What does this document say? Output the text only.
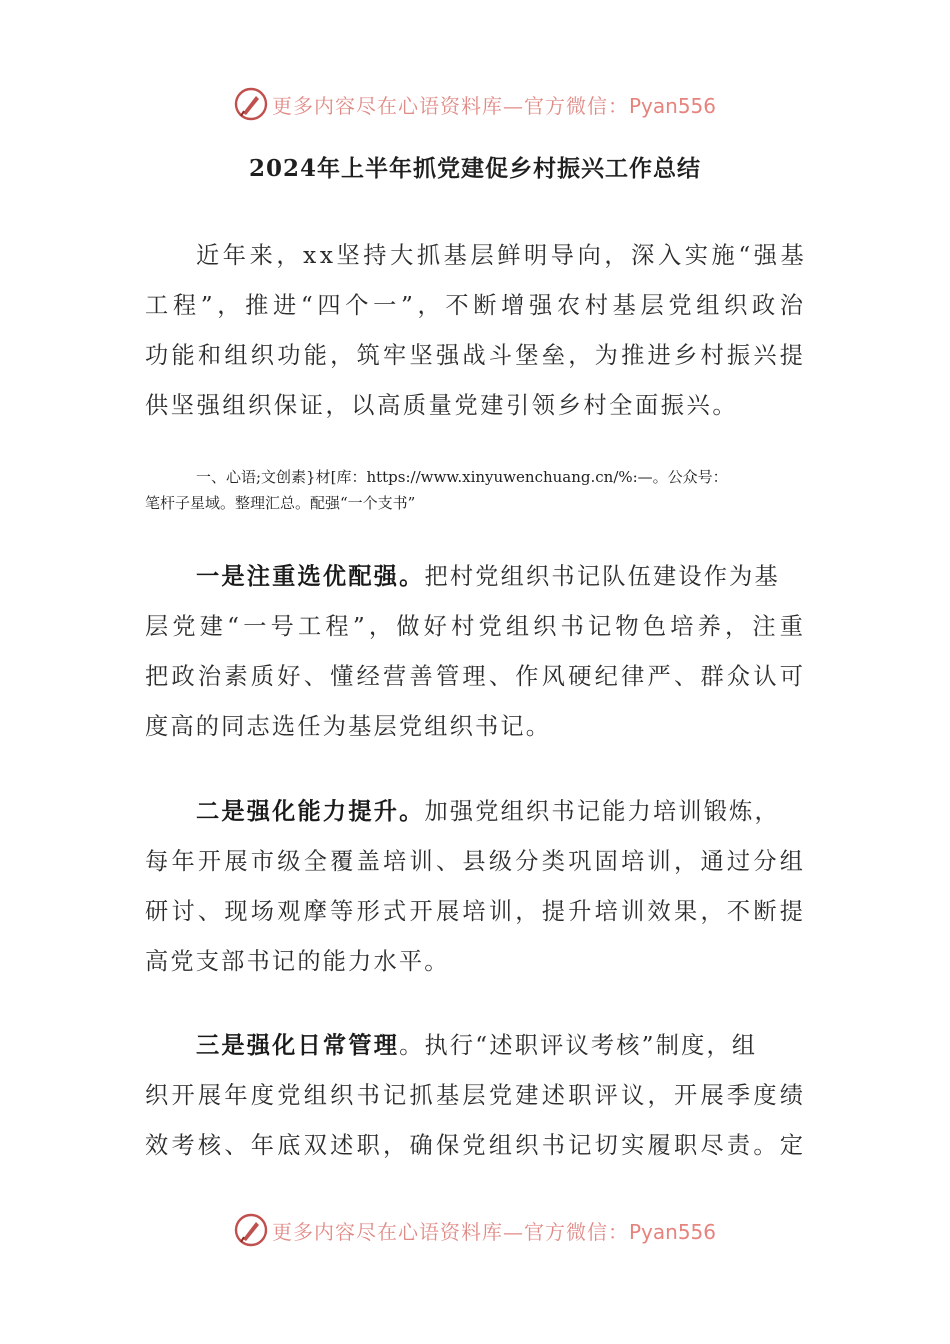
更多内容尽在心语资料库—官方微信：Pyan556
2024年上半年抓党建促乡村振兴工作总结
近年来，xx坚持大抓基层鲜明导向，深入实施“强基
工程”，推进“四个一”，不断增强农村基层党组织政治
功能和组织功能，筑牢坚强战斗堡垒，为推进乡村振兴提
供坚强组织保证，以高质量党建引领乡村全面振兴。
一、心语;文创素}材[库：https://www.xinyuwenchuang.cn/%:—。公众号：
笔杆子星域。整理汇总。配强“一个支书”
一是注重选优配强。把村党组织书记队伍建设作为基
层党建“一号工程”，做好村党组织书记物色培养，注重
把政治素质好、懂经营善管理、作风硬纪律严、群众认可
度高的同志选任为基层党组织书记。
二是强化能力提升。加强党组织书记能力培训锻炼，
每年开展市级全覆盖培训、县级分类巩固培训，通过分组
研讨、现场观摩等形式开展培训，提升培训效果，不断提
高党支部书记的能力水平。
三是强化日常管理。执行“述职评议考核”制度，组
织开展年度党组织书记抓基层党建述职评议，开展季度绩
效考核、年底双述职，确保党组织书记切实履职尽责。定
更多内容尽在心语资料库—官方微信：Pyan556
